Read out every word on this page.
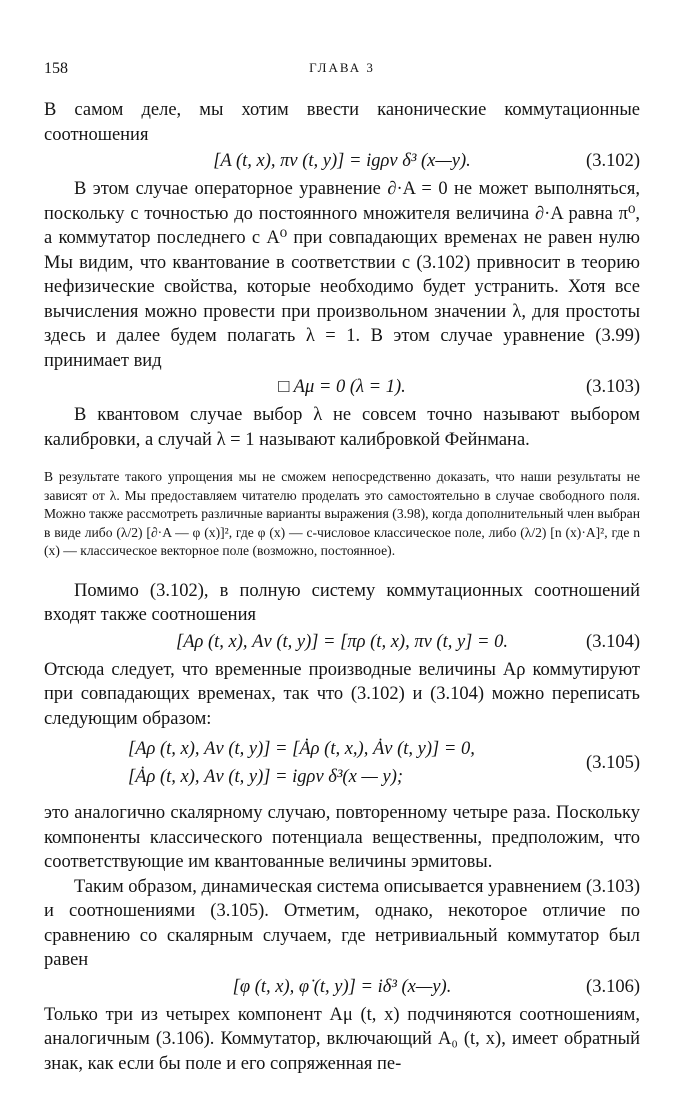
158	ГЛАВА 3

В самом деле, мы хотим ввести канонические коммутационные соотношения

[A (t, x), πν (t, y)] = igρν δ³ (x—y).	(3.102)

В этом случае операторное уравнение ∂·A = 0 не может выполняться, поскольку с точностью до постоянного множителя величина ∂·A равна π⁰, а коммутатор последнего с A⁰ при совпадающих временах не равен нулю Мы видим, что квантование в соответствии с (3.102) привносит в теорию нефизические свойства, которые необходимо будет устранить. Хотя все вычисления можно провести при произвольном значении λ, для простоты здесь и далее будем полагать λ = 1. В этом случае уравнение (3.99) принимает вид

□ Aμ = 0 (λ = 1).	(3.103)

В квантовом случае выбор λ не совсем точно называют выбором калибровки, а случай λ = 1 называют калибровкой Фейнмана.

В результате такого упрощения мы не сможем непосредственно доказать, что наши результаты не зависят от λ. Мы предоставляем читателю проделать это самостоятельно в случае свободного поля. Можно также рассмотреть различные варианты выражения (3.98), когда дополнительный член выбран в виде либо (λ/2) [∂·A — φ (x)]², где φ (x) — c-числовое классическое поле, либо (λ/2) [n (x)·A]², где n (x) — классическое векторное поле (возможно, постоянное).

Помимо (3.102), в полную систему коммутационных соотношений входят также соотношения

[Aρ (t, x), Aν (t, y)] = [πρ (t, x), πν (t, y] = 0.	(3.104)

Отсюда следует, что временные производные величины Aρ коммутируют при совпадающих временах, так что (3.102) и (3.104) можно переписать следующим образом:

[Aρ (t, x), Aν (t, y)] = [Ȧρ (t, x,), Ȧν (t, y)] = 0,
[Ȧρ (t, x), Aν (t, y)] = igρν δ³(x — y);
(3.105)

это аналогично скалярному случаю, повторенному четыре раза. Поскольку компоненты классического потенциала вещественны, предположим, что соответствующие им квантованные величины эрмитовы.

Таким образом, динамическая система описывается уравнением (3.103) и соотношениями (3.105). Отметим, однако, некоторое отличие по сравнению со скалярным случаем, где нетривиальный коммутатор был равен

[φ (t, x), φ̇ (t, y)] = iδ³ (x—y).	(3.106)

Только три из четырех компонент Aμ (t, x) подчиняются соотношениям, аналогичным (3.106). Коммутатор, включающий A₀ (t, x), имеет обратный знак, как если бы поле и его сопряженная пе-
